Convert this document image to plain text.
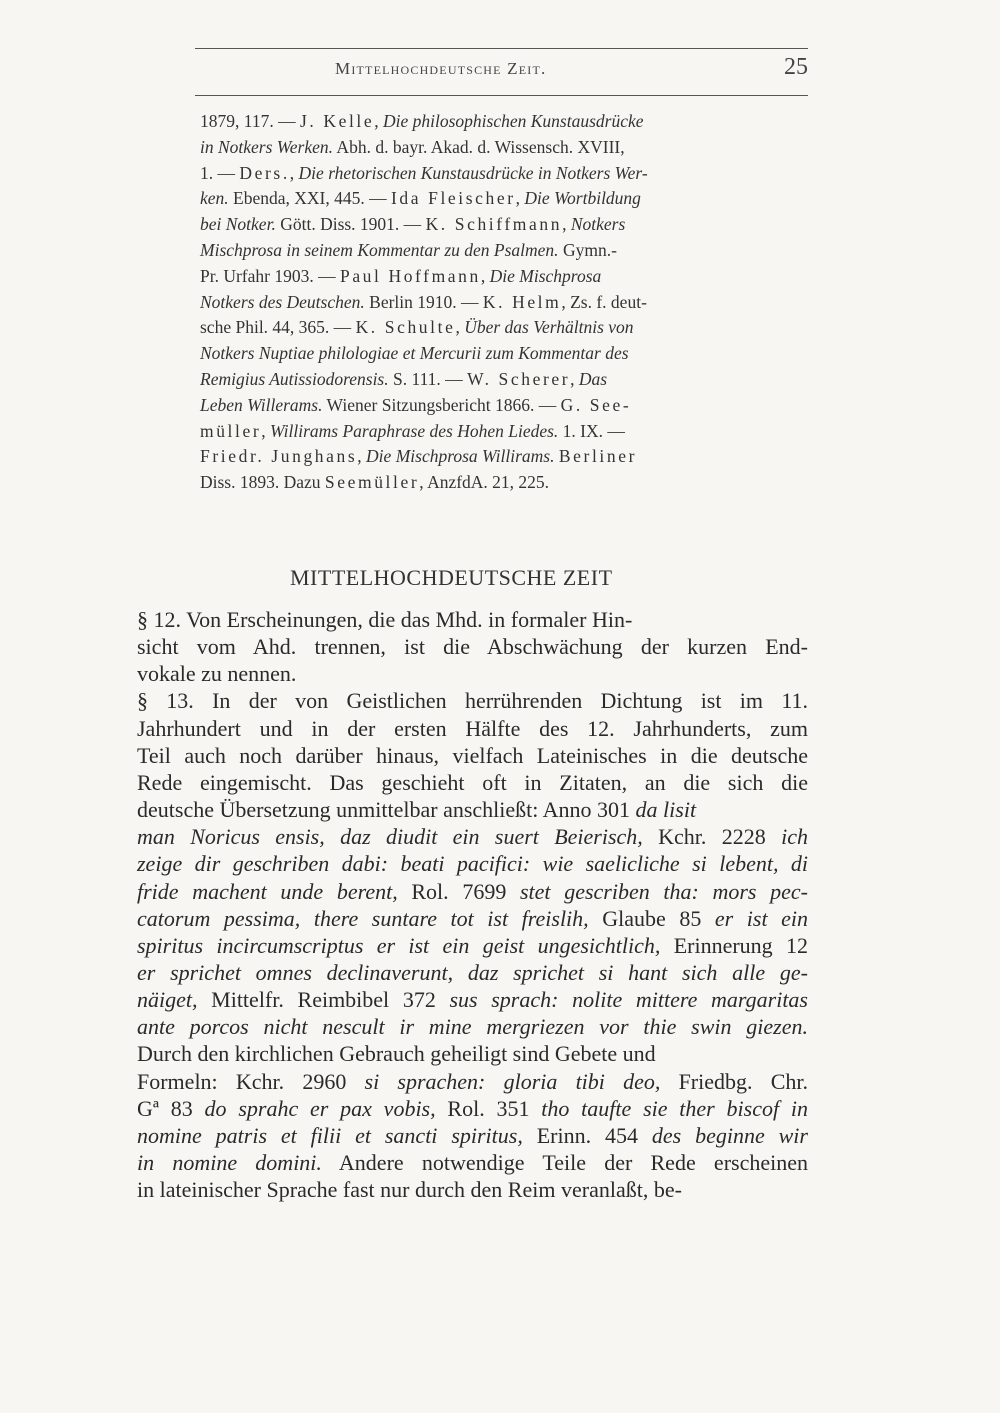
Mittelhochdeutsche Zeit.	25
1879, 117. — J. Kelle, Die philosophischen Kunstausdrücke
in Notkers Werken. Abh. d. bayr. Akad. d. Wissensch. XVIII,
1. — Ders., Die rhetorischen Kunstausdrücke in Notkers Wer-
ken. Ebenda, XXI, 445. — Ida Fleischer, Die Wortbildung
bei Notker. Gött. Diss. 1901. — K. Schiffmann, Notkers
Mischprosa in seinem Kommentar zu den Psalmen. Gymn.-
Pr. Urfahr 1903. — Paul Hoffmann, Die Mischprosa
Notkers des Deutschen. Berlin 1910. — K. Helm, Zs. f. deut-
sche Phil. 44, 365. — K. Schulte, Über das Verhältnis von
Notkers Nuptiae philologiae et Mercurii zum Kommentar des
Remigius Autissiodorensis. S. 111. — W. Scherer, Das
Leben Willerams. Wiener Sitzungsbericht 1866. — G. See-
müller, Willirams Paraphrase des Hohen Liedes. 1. IX. —
Friedr. Junghans, Die Mischprosa Willirams. Berliner
Diss. 1893. Dazu Seemüller, AnzfdA. 21, 225.
MITTELHOCHDEUTSCHE ZEIT
§ 12. Von Erscheinungen, die das Mhd. in formaler Hin-
sicht vom Ahd. trennen, ist die Abschwächung der kurzen End-
vokale zu nennen.
§ 13. In der von Geistlichen herrührenden Dichtung ist im 11.
Jahrhundert und in der ersten Hälfte des 12. Jahrhunderts, zum
Teil auch noch darüber hinaus, vielfach Lateinisches in die deutsche
Rede eingemischt. Das geschieht oft in Zitaten, an die sich die
deutsche Übersetzung unmittelbar anschließt: Anno 301 da lisit
man Noricus ensis, daz diudit ein suert Beierisch, Kchr. 2228 ich
zeige dir geschriben dabi: beati pacifici: wie saelicliche si lebent, di
fride machent unde berent, Rol. 7699 stet gescriben tha: mors pec-
catorum pessima, there suntare tot ist freislih, Glaube 85 er ist ein
spiritus incircumscriptus er ist ein geist ungesichtlich, Erinnerung 12
er sprichet omnes declinaverunt, daz sprichet si hant sich alle ge-
näiget, Mittelfr. Reimbibel 372 sus sprach: nolite mittere margaritas
ante porcos nicht nescult ir mine mergriezen vor thie swin giezen.
Durch den kirchlichen Gebrauch geheiligt sind Gebete und
Formeln: Kchr. 2960 si sprachen: gloria tibi deo, Friedbg. Chr.
Gª 83 do sprahc er pax vobis, Rol. 351 tho taufte sie ther biscof in
nomine patris et filii et sancti spiritus, Erinn. 454 des beginne wir
in nomine domini. Andere notwendige Teile der Rede erscheinen
in lateinischer Sprache fast nur durch den Reim veranlaßt, be-
